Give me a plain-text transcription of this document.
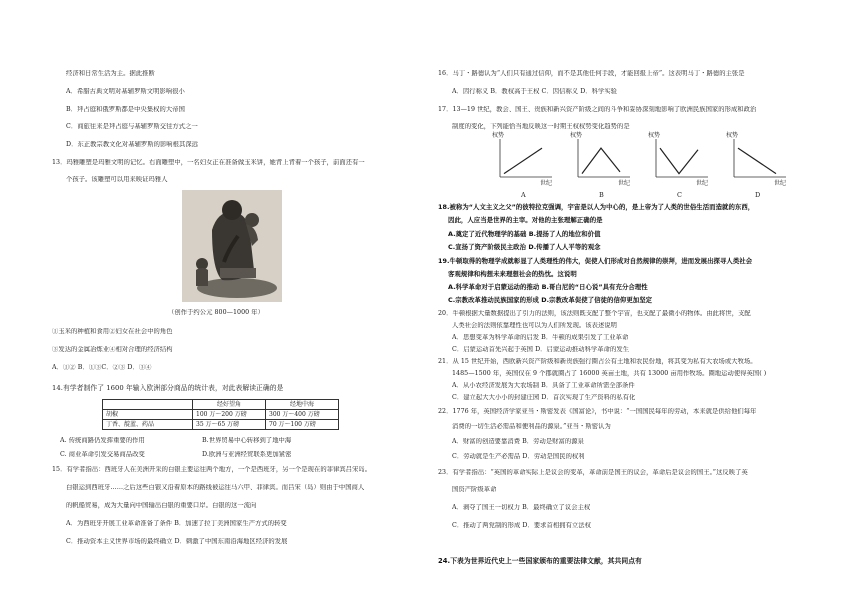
经济和日常生活为主。据此推断
A．希腊古典文明对基辅罗斯文明影响很小
B．拜占庭和俄罗斯都是中央集权的大帝国
C．商旅往来是拜占庭与基辅罗斯交往方式之一
D．东正教宗教文化对基辅罗斯的影响根其深远
13．玛雅雕塑是玛雅文明的记忆。右面雕塑中，一名妇女正在准备做玉米饼，她背上背着一个孩子，前面还有一
个孩子。该雕塑可以用来映证玛雅人
（创作于约公元 800—1000 年）
①玉米的种植和食用②妇女在社会中的角色
③发达的金属冶炼业④相对合理的经济结构
A．①② B．①③C．②③ D．③④
14.有学者制作了 1600 年输入欧洲部分商品的统计表，对此表解读正确的是
	经好望角	经地中海
胡椒	100 万～200 万磅	300 万～400 万磅
丁香、靛蓝、药品	35 万～65 万磅	70 万～100 万磅
A. 传统商路仍发挥重要的作用	B.世界贸易中心转移到了地中海
C. 商业革命引发交易商品改变	D.欧洲与亚洲经贸联系更加紧密
15．有学者指出：西班牙人在美洲开采的白银主要运往两个地方，一个是西班牙，另一个是现在的菲律宾吕宋岛。
白银运到西班牙……之后这些白银又沿着原本的路线被运往马六甲、菲律宾。而吕宋（岛）则由于中国商人
的帆船贸易，成为大量向中国输出白银的重要口岸。白银的这一流向
A．为西班牙开展工业革命准备了条件 B．加速了拉丁美洲国家生产方式的转变
C．推动资本主义世界市场的最终确立 D．刺激了中国东南沿海地区经济的发展
16．马丁・路德认为“人们只有通过信仰，而不是其他任何手段，才能回报上帝”。这表明马丁・路德的主张是
A．因行称义 B．教权高于王权 C．因信称义 D．科学实验
17．13—19 世纪，教会、国王、贵族和新兴资产阶级之间的斗争和妥协深刻地影响了欧洲民族国家的形成和政治
制度的变化，下列能恰当地反映这一时期王权权势变化趋势的是
权势
世纪
A
权势
世纪
B
权势
世纪
C
权势
世纪
D
18.被称为“人文主义之父”的彼特拉克强调，宇宙是以人为中心的，是上帝为了人类的世俗生活而造就的东西，
因此，人应当是世界的主宰。对他的主张理解正确的是
A.奠定了近代物理学的基础 B.提扬了人的地位和价值
C.宣扬了资产阶级民主政治 D.传播了人人平等的观念
19.牛顿取得的物理学成就彰显了人类理性的伟大，促使人们形成对自然规律的崇拜，进而发展出探寻人类社会
客观规律和构想未来理想社会的热忱。这说明
A.科学革命对于启蒙运动的推动 B.哥白尼的“日心说”具有充分合理性
C.宗教改革推动民族国家的形成 D.宗教改革促使了信徒的信仰更加坚定
20．牛顿根据大量数据提出了引力的法则，该法则既支配了整个宇宙，也支配了最微小的物体。由此将世，支配
人类社会的法则依靠理性也可以为人们所发现。该表述说明
A．思想变革为科学革命的启发 B．牛顿的成果引发了工业革命
C．启蒙运动首先兴起于英国 D．启蒙运动推动科学革命的发生
21．从 15 世纪开始，西欧新兴资产阶级和新贵族强行圈占公有土地和农民份地，将其变为私有大农场或大牧场。
1485—1500 年，英国仅在 9 个郡就圈占了 16000 英亩土地，共有 13000 亩用作牧场。圈地运动使得英国( )
A．从小农经济发展为大农场制 B．具备了工业革命所需全部条件
C．建立起大大小小的封建庄园 D．首次实现了生产资料的私有化
22．1776 年，英国经济学家亚当・斯密发表《国富论》，书中说：“一国国民每年的劳动，本来就是供给他们每年
消费的一切生活必需品和便利品的源泉。”亚当・斯密认为
A．财富的创造要靠消费 B．劳动是财富的源泉
C．劳动就是生产必需品 D．劳动是国民的权利
23．有学者指出：“英国的革命实际上是议会的变革，革命前是国王的议会，革命后是议会的国王。”这反映了英
国资产阶级革命
A．剥夺了国王一切权力 B．最终确立了议会主权
C．推动了两党制的形成 D．要求首相拥有立法权
24.下表为世界近代史上一些国家颁布的重要法律文献，其共同点有
